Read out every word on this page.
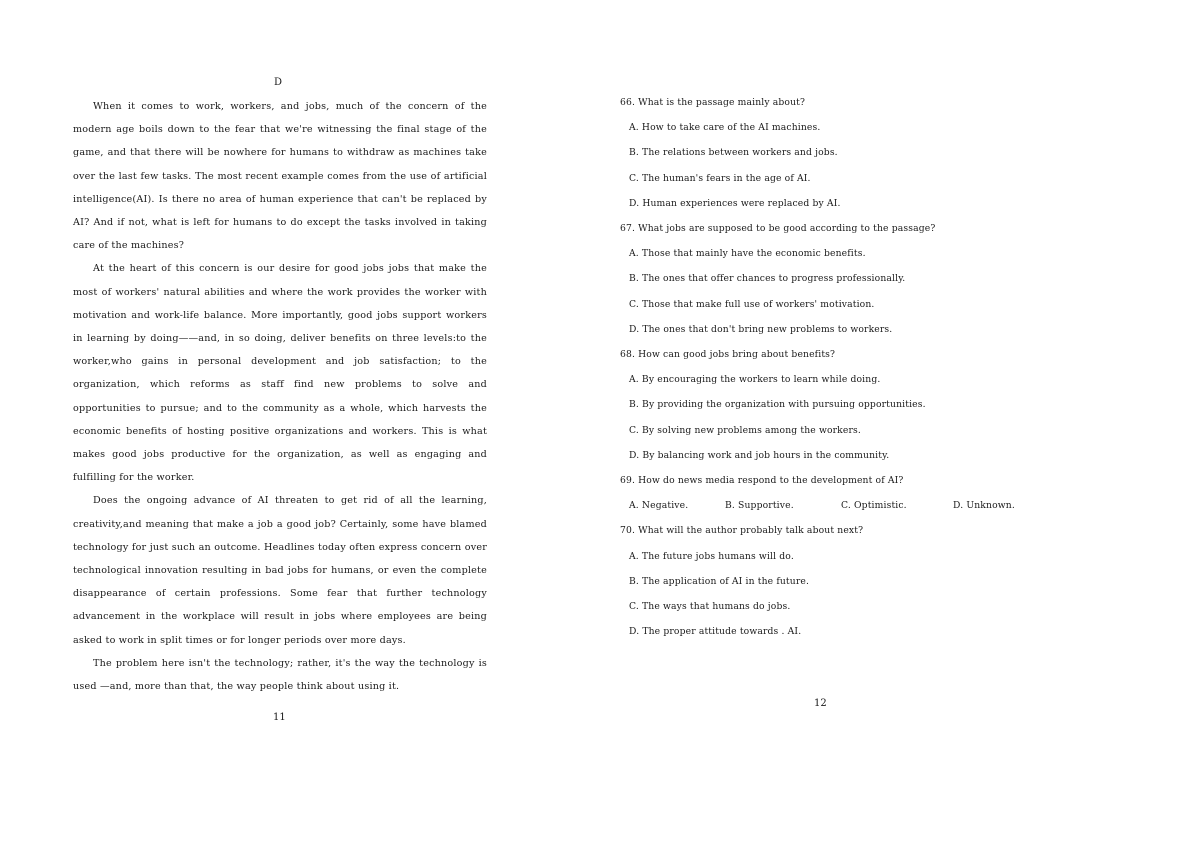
D

When it comes to work, workers, and jobs, much of the concern of the modern age boils down to the fear that we're witnessing the final stage of the game, and that there will be nowhere for humans to withdraw as machines take over the last few tasks. The most recent example comes from the use of artificial intelligence(AI). Is there no area of human experience that can't be replaced by AI? And if not, what is left for humans to do except the tasks involved in taking care of the machines?

At the heart of this concern is our desire for good jobs jobs that make the most of workers' natural abilities and where the work provides the worker with motivation and work-life balance. More importantly, good jobs support workers in learning by doing——and, in so doing, deliver benefits on three levels:to the worker,who gains in personal development and job satisfaction; to the organization, which reforms as staff find new problems to solve and opportunities to pursue; and to the community as a whole, which harvests the economic benefits of hosting positive organizations and workers. This is what makes good jobs productive for the organization, as well as engaging and fulfilling for the worker.

Does the ongoing advance of AI threaten to get rid of all the learning, creativity,and meaning that make a job a good job? Certainly, some have blamed technology for just such an outcome. Headlines today often express concern over technological innovation resulting in bad jobs for humans, or even the complete disappearance of certain professions. Some fear that further technology advancement in the workplace will result in jobs where employees are being asked to work in split times or for longer periods over more days.

The problem here isn't the technology; rather, it's the way the technology is used —and, more than that, the way people think about using it.

11
66. What is the passage mainly about?
A. How to take care of the AI machines.
B. The relations between workers and jobs.
C. The human's fears in the age of AI.
D. Human experiences were replaced by AI.
67. What jobs are supposed to be good according to the passage?
A. Those that mainly have the economic benefits.
B. The ones that offer chances to progress professionally.
C. Those that make full use of workers' motivation.
D. The ones that don't bring new problems to workers.
68. How can good jobs bring about benefits?
A. By encouraging the workers to learn while doing.
B. By providing the organization with pursuing opportunities.
C. By solving new problems among the workers.
D. By balancing work and job hours in the community.
69. How do news media respond to the development of AI?
A. Negative.	B. Supportive.	C. Optimistic.	D. Unknown.
70. What will the author probably talk about next?
A. The future jobs humans will do.
B. The application of AI in the future.
C. The ways that humans do jobs.
D. The proper attitude towards . AI.
12
